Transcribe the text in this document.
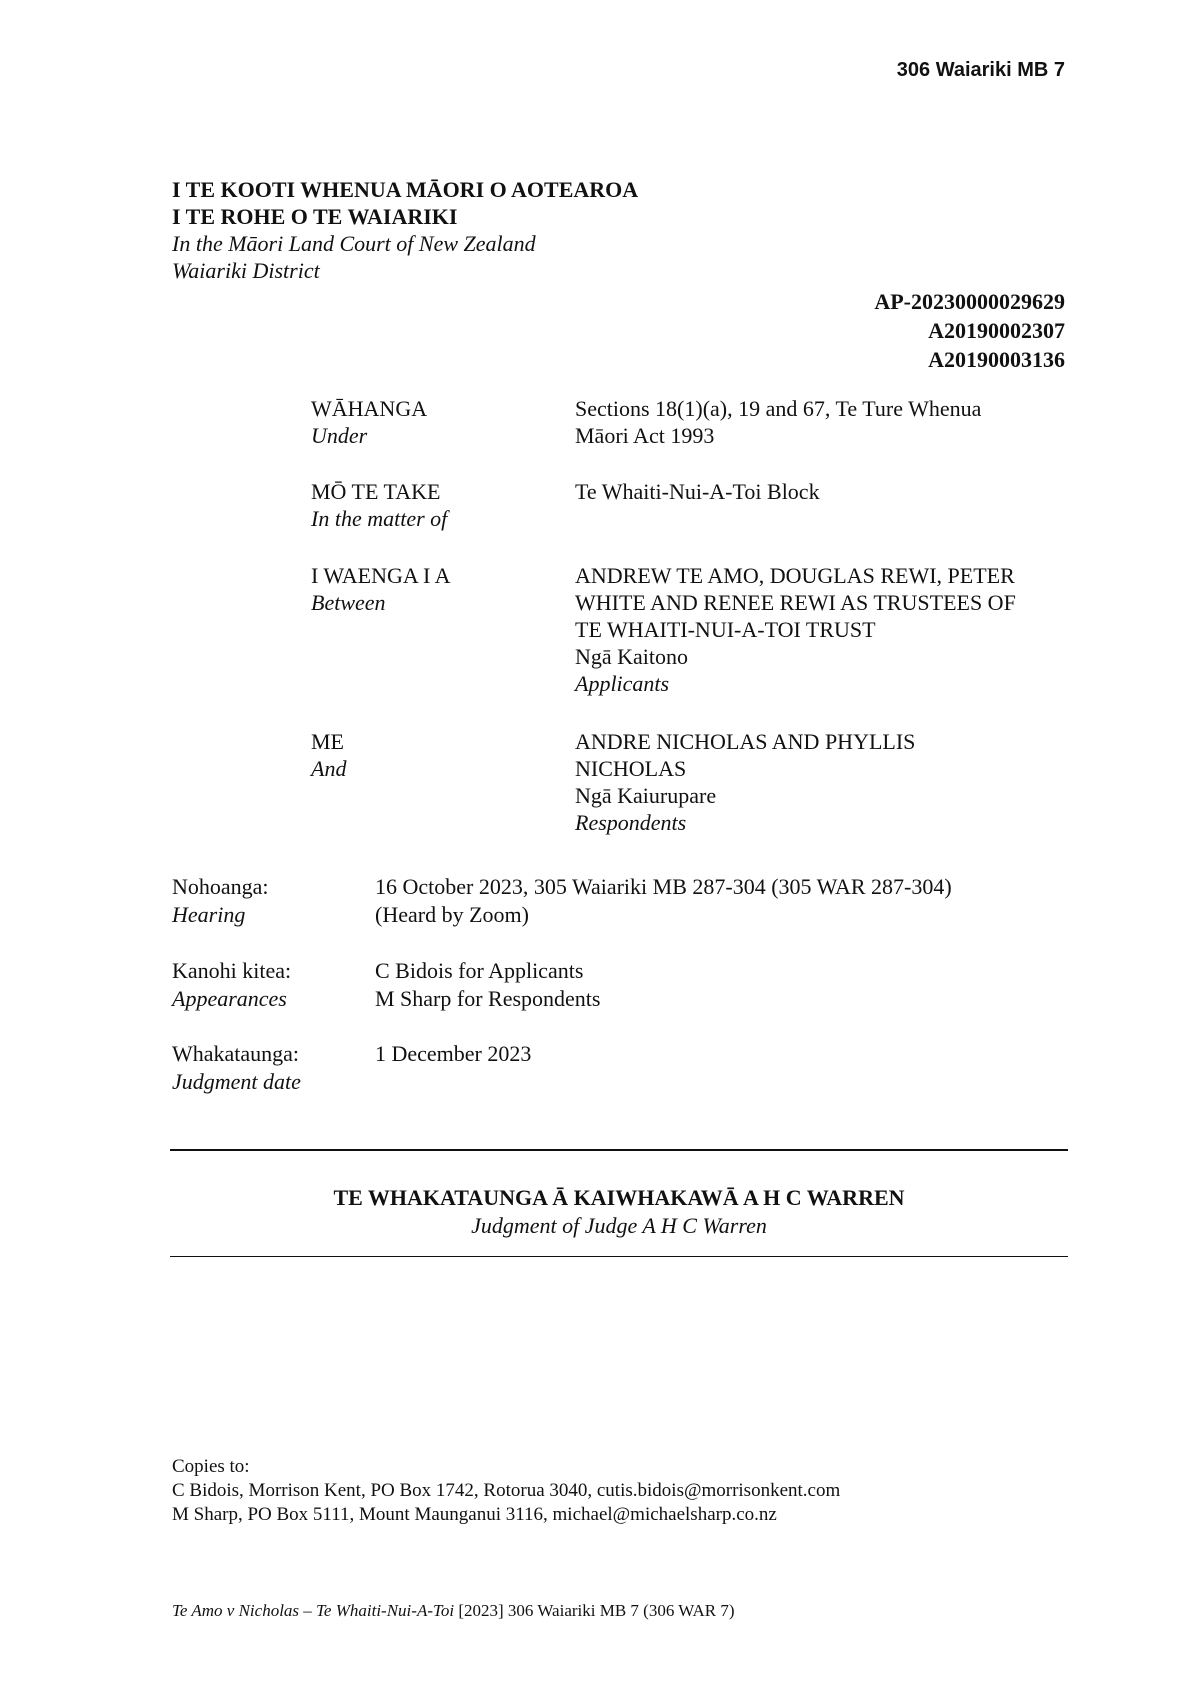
306 Waiariki MB 7
I TE KOOTI WHENUA MĀORI O AOTEAROA
I TE ROHE O TE WAIARIKI
In the Māori Land Court of New Zealand
Waiariki District
AP-20230000029629
A20190002307
A20190003136
WĀHANGA
Under
Sections 18(1)(a), 19 and 67, Te Ture Whenua
Māori Act 1993
MŌ TE TAKE
In the matter of
Te Whaiti-Nui-A-Toi Block
I WAENGA I A
Between
ANDREW TE AMO, DOUGLAS REWI, PETER
WHITE AND RENEE REWI AS TRUSTEES OF
TE WHAITI-NUI-A-TOI TRUST
Ngā Kaitono
Applicants
ME
And
ANDRE NICHOLAS AND PHYLLIS
NICHOLAS
Ngā Kaiurupare
Respondents
Nohoanga:
Hearing
16 October 2023, 305 Waiariki MB 287-304 (305 WAR 287-304)
(Heard by Zoom)
Kanohi kitea:
Appearances
C Bidois for Applicants
M Sharp for Respondents
Whakataunga:
Judgment date
1 December 2023
TE WHAKATAUNGA Ā KAIWHAKAWĀ A H C WARREN
Judgment of Judge A H C Warren
Copies to:
C Bidois, Morrison Kent, PO Box 1742, Rotorua 3040, cutis.bidois@morrisonkent.com
M Sharp, PO Box 5111, Mount Maunganui 3116, michael@michaelsharp.co.nz
Te Amo v Nicholas – Te Whaiti-Nui-A-Toi [2023] 306 Waiariki MB 7 (306 WAR 7)
